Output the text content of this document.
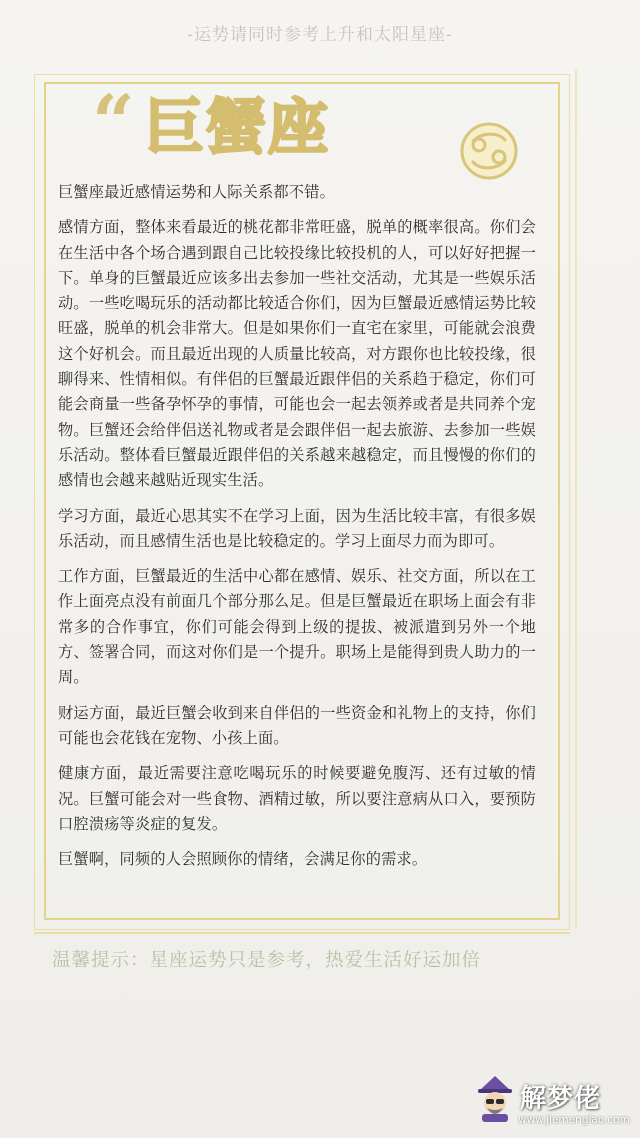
-运势请同时参考上升和太阳星座-
“ 巨蟹座

巨蟹座最近感情运势和人际关系都不错。

感情方面，整体来看最近的桃花都非常旺盛，脱单的概率很高。你们会在生活中各个场合遇到跟自己比较投缘比较投机的人，可以好好把握一下。单身的巨蟹最近应该多出去参加一些社交活动，尤其是一些娱乐活动。一些吃喝玩乐的活动都比较适合你们，因为巨蟹最近感情运势比较旺盛，脱单的机会非常大。但是如果你们一直宅在家里，可能就会浪费这个好机会。而且最近出现的人质量比较高，对方跟你也比较投缘，很聊得来、性情相似。有伴侣的巨蟹最近跟伴侣的关系趋于稳定，你们可能会商量一些备孕怀孕的事情，可能也会一起去领养或者是共同养个宠物。巨蟹还会给伴侣送礼物或者是会跟伴侣一起去旅游、去参加一些娱乐活动。整体看巨蟹最近跟伴侣的关系越来越稳定，而且慢慢的你们的感情也会越来越贴近现实生活。

学习方面，最近心思其实不在学习上面，因为生活比较丰富，有很多娱乐活动，而且感情生活也是比较稳定的。学习上面尽力而为即可。

工作方面，巨蟹最近的生活中心都在感情、娱乐、社交方面，所以在工作上面亮点没有前面几个部分那么足。但是巨蟹最近在职场上面会有非常多的合作事宜，你们可能会得到上级的提拔、被派遣到另外一个地方、签署合同，而这对你们是一个提升。职场上是能得到贵人助力的一周。

财运方面，最近巨蟹会收到来自伴侣的一些资金和礼物上的支持，你们可能也会花钱在宠物、小孩上面。

健康方面，最近需要注意吃喝玩乐的时候要避免腹泻、还有过敏的情况。巨蟹可能会对一些食物、酒精过敏，所以要注意病从口入，要预防口腔溃疡等炎症的复发。

巨蟹啊，同频的人会照顾你的情绪，会满足你的需求。

温馨提示：星座运势只是参考，热爱生活好运加倍
解梦佬
www.jiemenglao.com
